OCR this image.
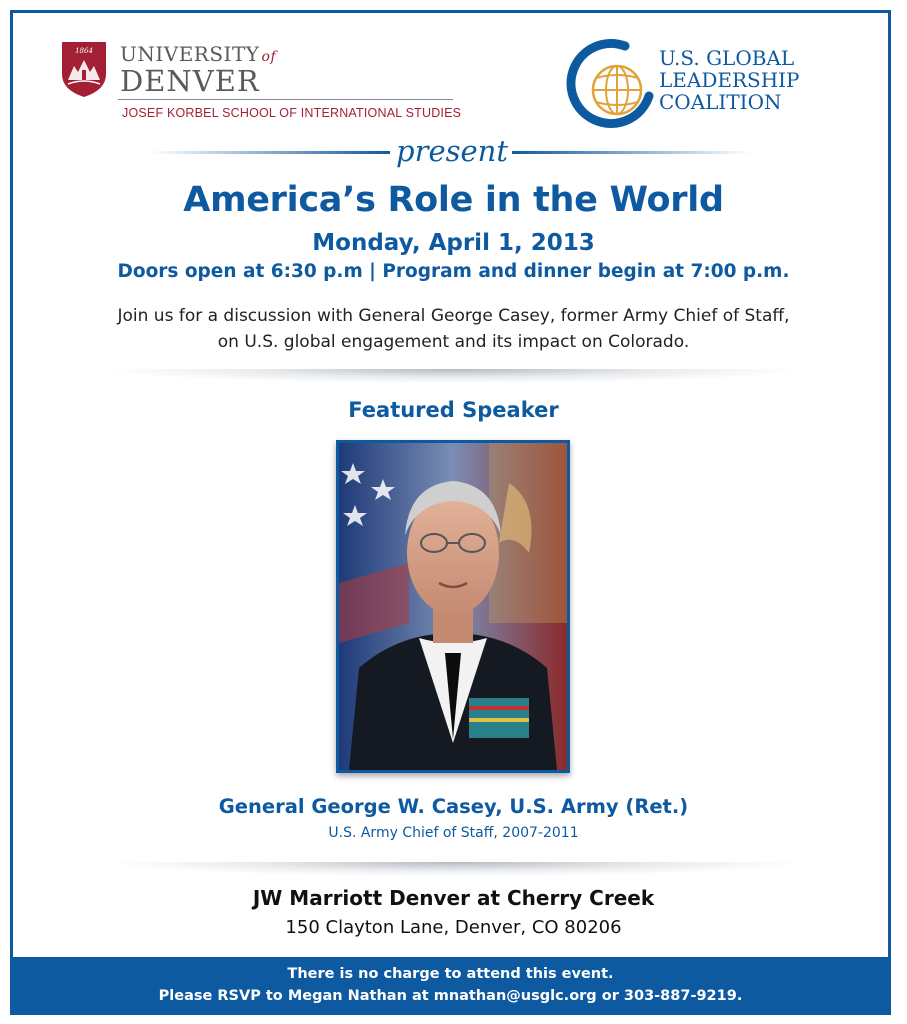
1864 UNIVERSITY of
DENVER
JOSEF KORBEL SCHOOL OF INTERNATIONAL STUDIES
U.S. GLOBAL
LEADERSHIP
COALITION
present
America’s Role in the World
Monday, April 1, 2013
Doors open at 6:30 p.m | Program and dinner begin at 7:00 p.m.
Join us for a discussion with General George Casey, former Army Chief of Staff,
on U.S. global engagement and its impact on Colorado.
Featured Speaker
General George W. Casey, U.S. Army (Ret.)
U.S. Army Chief of Staff, 2007-2011
JW Marriott Denver at Cherry Creek
150 Clayton Lane, Denver, CO 80206
There is no charge to attend this event.
Please RSVP to Megan Nathan at mnathan@usglc.org or 303-887-9219.
